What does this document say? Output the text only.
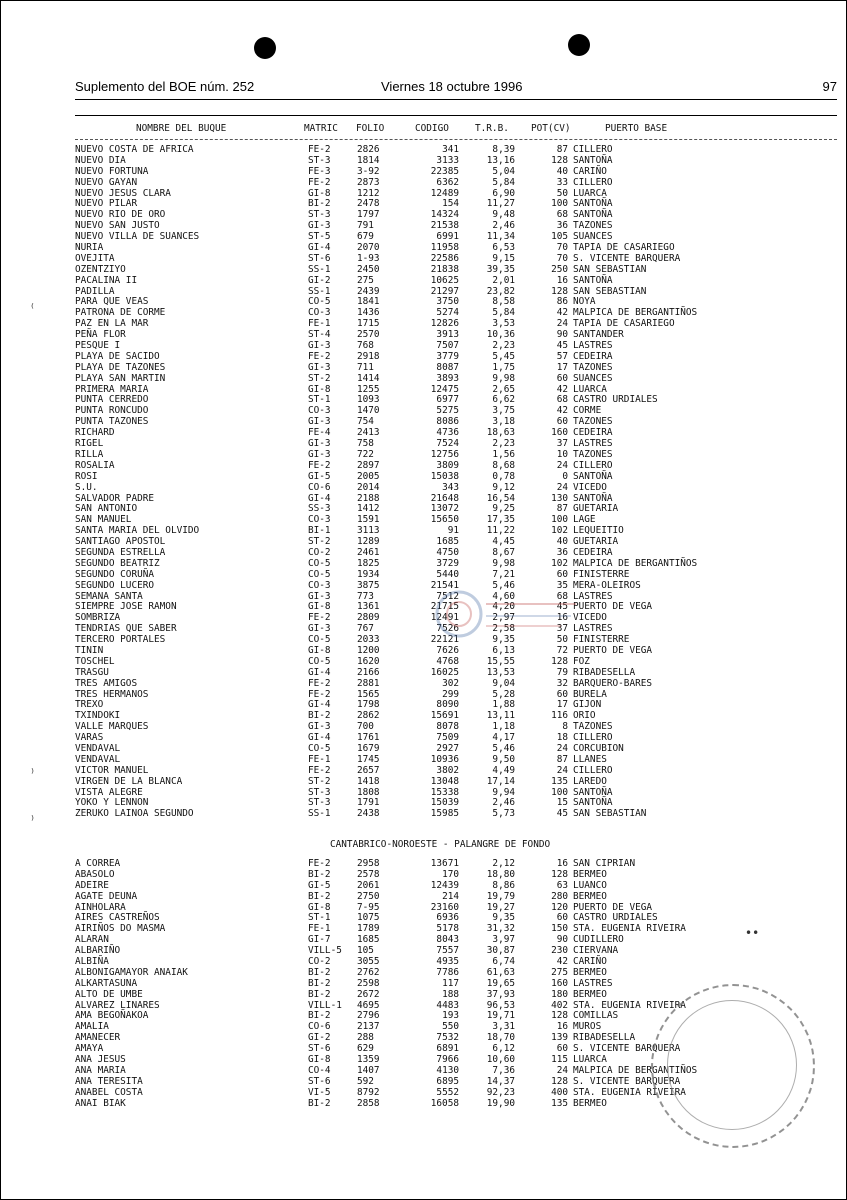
Suplemento del BOE núm. 252	Viernes 18 octubre 1996	97
NOMBRE DEL BUQUE	MATRIC FOLIO	CODIGO	T.R.B. POT(CV)	PUERTO BASE
NUEVO COSTA DE AFRICA	FE-2	2826	341	8,39	87 CILLERO
NUEVO DIA	ST-3	1814	3133	13,16	128 SANTOÑA
NUEVO FORTUNA	FE-3	3-92	22385	5,04	40 CARIÑO
NUEVO GAYAN	FE-2	2873	6362	5,84	33 CILLERO
NUEVO JESUS CLARA	GI-8	1212	12489	6,90	50 LUARCA
NUEVO PILAR	BI-2	2478	154	11,27	100 SANTOÑA
NUEVO RIO DE ORO	ST-3	1797	14324	9,48	68 SANTOÑA
NUEVO SAN JUSTO	GI-3	791	21538	2,46	36 TAZONES
NUEVO VILLA DE SUANCES	ST-5	679	6991	11,34	105 SUANCES
NURIA	GI-4	2070	11958	6,53	70 TAPIA DE CASARIEGO
OVEJITA	ST-6	1-93	22586	9,15	70 S. VICENTE BARQUERA
OZENTZIYO	SS-1	2450	21838	39,35	250 SAN SEBASTIAN
PACALINA II	GI-2	275	10625	2,01	16 SANTOÑA
PADILLA	SS-1	2439	21297	23,82	128 SAN SEBASTIAN
PARA QUE VEAS	CO-5	1841	3750	8,58	86 NOYA
PATRONA DE CORME	CO-3	1436	5274	5,84	42 MALPICA DE BERGANTIÑOS
PAZ EN LA MAR	FE-1	1715	12826	3,53	24 TAPIA DE CASARIEGO
PEÑA FLOR	ST-4	2570	3913	10,36	90 SANTANDER
PESQUE I	GI-3	768	7507	2,23	45 LASTRES
PLAYA DE SACIDO	FE-2	2918	3779	5,45	57 CEDEIRA
PLAYA DE TAZONES	GI-3	711	8087	1,75	17 TAZONES
PLAYA SAN MARTIN	ST-2	1414	3893	9,98	60 SUANCES
PRIMERA MARIA	GI-8	1255	12475	2,65	42 LUARCA
PUNTA CERREDO	ST-1	1093	6977	6,62	68 CASTRO URDIALES
PUNTA RONCUDO	CO-3	1470	5275	3,75	42 CORME
PUNTA TAZONES	GI-3	754	8086	3,18	60 TAZONES
RICHARD	FE-4	2413	4736	18,63	160 CEDEIRA
RIGEL	GI-3	758	7524	2,23	37 LASTRES
RILLA	GI-3	722	12756	1,56	10 TAZONES
ROSALIA	FE-2	2897	3809	8,68	24 CILLERO
ROSI	GI-5	2005	15038	0,78	0 SANTOÑA
S.U.	CO-6	2014	343	9,12	24 VICEDO
SALVADOR PADRE	GI-4	2188	21648	16,54	130 SANTOÑA
SAN ANTONIO	SS-3	1412	13072	9,25	87 GUETARIA
SAN MANUEL	CO-3	1591	15650	17,35	100 LAGE
SANTA MARIA DEL OLVIDO	BI-1	3113	91	11,22	102 LEQUEITIO
SANTIAGO APOSTOL	ST-2	1289	1685	4,45	40 GUETARIA
SEGUNDA ESTRELLA	CO-2	2461	4750	8,67	36 CEDEIRA
SEGUNDO BEATRIZ	CO-5	1825	3729	9,98	102 MALPICA DE BERGANTIÑOS
SEGUNDO CORUÑA	CO-5	1934	5440	7,21	60 FINISTERRE
SEGUNDO LUCERO	CO-3	3875	21541	5,46	35 MERA-OLEIROS
SEMANA SANTA	GI-3	773	7512	4,60	68 LASTRES
SIEMPRE JOSE RAMON	GI-8	1361	21715	4,20	45 PUERTO DE VEGA
SOMBRIZA	FE-2	2809	12491	2,97	16 VICEDO
TENDRIAS QUE SABER	GI-3	767	7526	2,58	37 LASTRES
TERCERO PORTALES	CO-5	2033	22121	9,35	50 FINISTERRE
TININ	GI-8	1200	7626	6,13	72 PUERTO DE VEGA
TOSCHEL	CO-5	1620	4768	15,55	128 FOZ
TRASGU	GI-4	2166	16025	13,53	79 RIBADESELLA
TRES AMIGOS	FE-2	2881	302	9,04	32 BARQUERO-BARES
TRES HERMANOS	FE-2	1565	299	5,28	60 BURELA
TREXO	GI-4	1798	8090	1,88	17 GIJON
TXINDOKI	BI-2	2862	15691	13,11	116 ORIO
VALLE MARQUES	GI-3	700	8078	1,18	8 TAZONES
VARAS	GI-4	1761	7509	4,17	18 CILLERO
VENDAVAL	CO-5	1679	2927	5,46	24 CORCUBION
VENDAVAL	FE-1	1745	10936	9,50	87 LLANES
VICTOR MANUEL	FE-2	2657	3802	4,49	24 CILLERO
VIRGEN DE LA BLANCA	ST-2	1418	13048	17,14	135 LAREDO
VISTA ALEGRE	ST-3	1808	15338	9,94	100 SANTOÑA
YOKO Y LENNON	ST-3	1791	15039	2,46	15 SANTOÑA
ZERUKO LAINOA SEGUNDO	SS-1	2438	15985	5,73	45 SAN SEBASTIAN
CANTABRICO-NOROESTE - PALANGRE DE FONDO
A CORREA	FE-2	2958	13671	2,12	16 SAN CIPRIAN
ABASOLO	BI-2	2578	170	18,80	128 BERMEO
ADEIRE	GI-5	2061	12439	8,86	63 LUANCO
AGATE DEUNA	BI-2	2750	214	19,79	280 BERMEO
AINHOLARA	GI-8	7-95	23160	19,27	120 PUERTO DE VEGA
AIRES CASTREÑOS	ST-1	1075	6936	9,35	60 CASTRO URDIALES
AIRIÑOS DO MASMA	FE-1	1789	5178	31,32	150 STA. EUGENIA RIVEIRA
ALARAN	GI-7	1685	8043	3,97	90 CUDILLERO
ALBARIÑO	VILL-5 105	7557	30,87	230 CIERVANA
ALBIÑA	CO-2	3055	4935	6,74	42 CARIÑO
ALBONIGAMAYOR ANAIAK	BI-2	2762	7786	61,63	275 BERMEO
ALKARTASUNA	BI-2	2598	117	19,65	160 LASTRES
ALTO DE UMBE	BI-2	2672	188	37,93	180 BERMEO
ALVAREZ LINARES	VILL-1 4695	4483	96,53	402 STA. EUGENIA RIVEIRA
AMA BEGOÑAKOA	BI-2	2796	193	19,71	128 COMILLAS
AMALIA	CO-6	2137	550	3,31	16 MUROS
AMANECER	GI-2	288	7532	18,70	139 RIBADESELLA
AMAYA	ST-6	629	6891	6,12	60 S. VICENTE BARQUERA
ANA JESUS	GI-8	1359	7966	10,60	115 LUARCA
ANA MARIA	CO-4	1407	4130	7,36	24 MALPICA DE BERGANTIÑOS
ANA TERESITA	ST-6	592	6895	14,37	128 S. VICENTE BARQUERA
ANABEL COSTA	VI-5	8792	5552	92,23	400 STA. EUGENIA RIVEIRA
ANAI BIAK	BI-2	2858	16058	19,90	135 BERMEO
⁽
⁾
⁾
••
